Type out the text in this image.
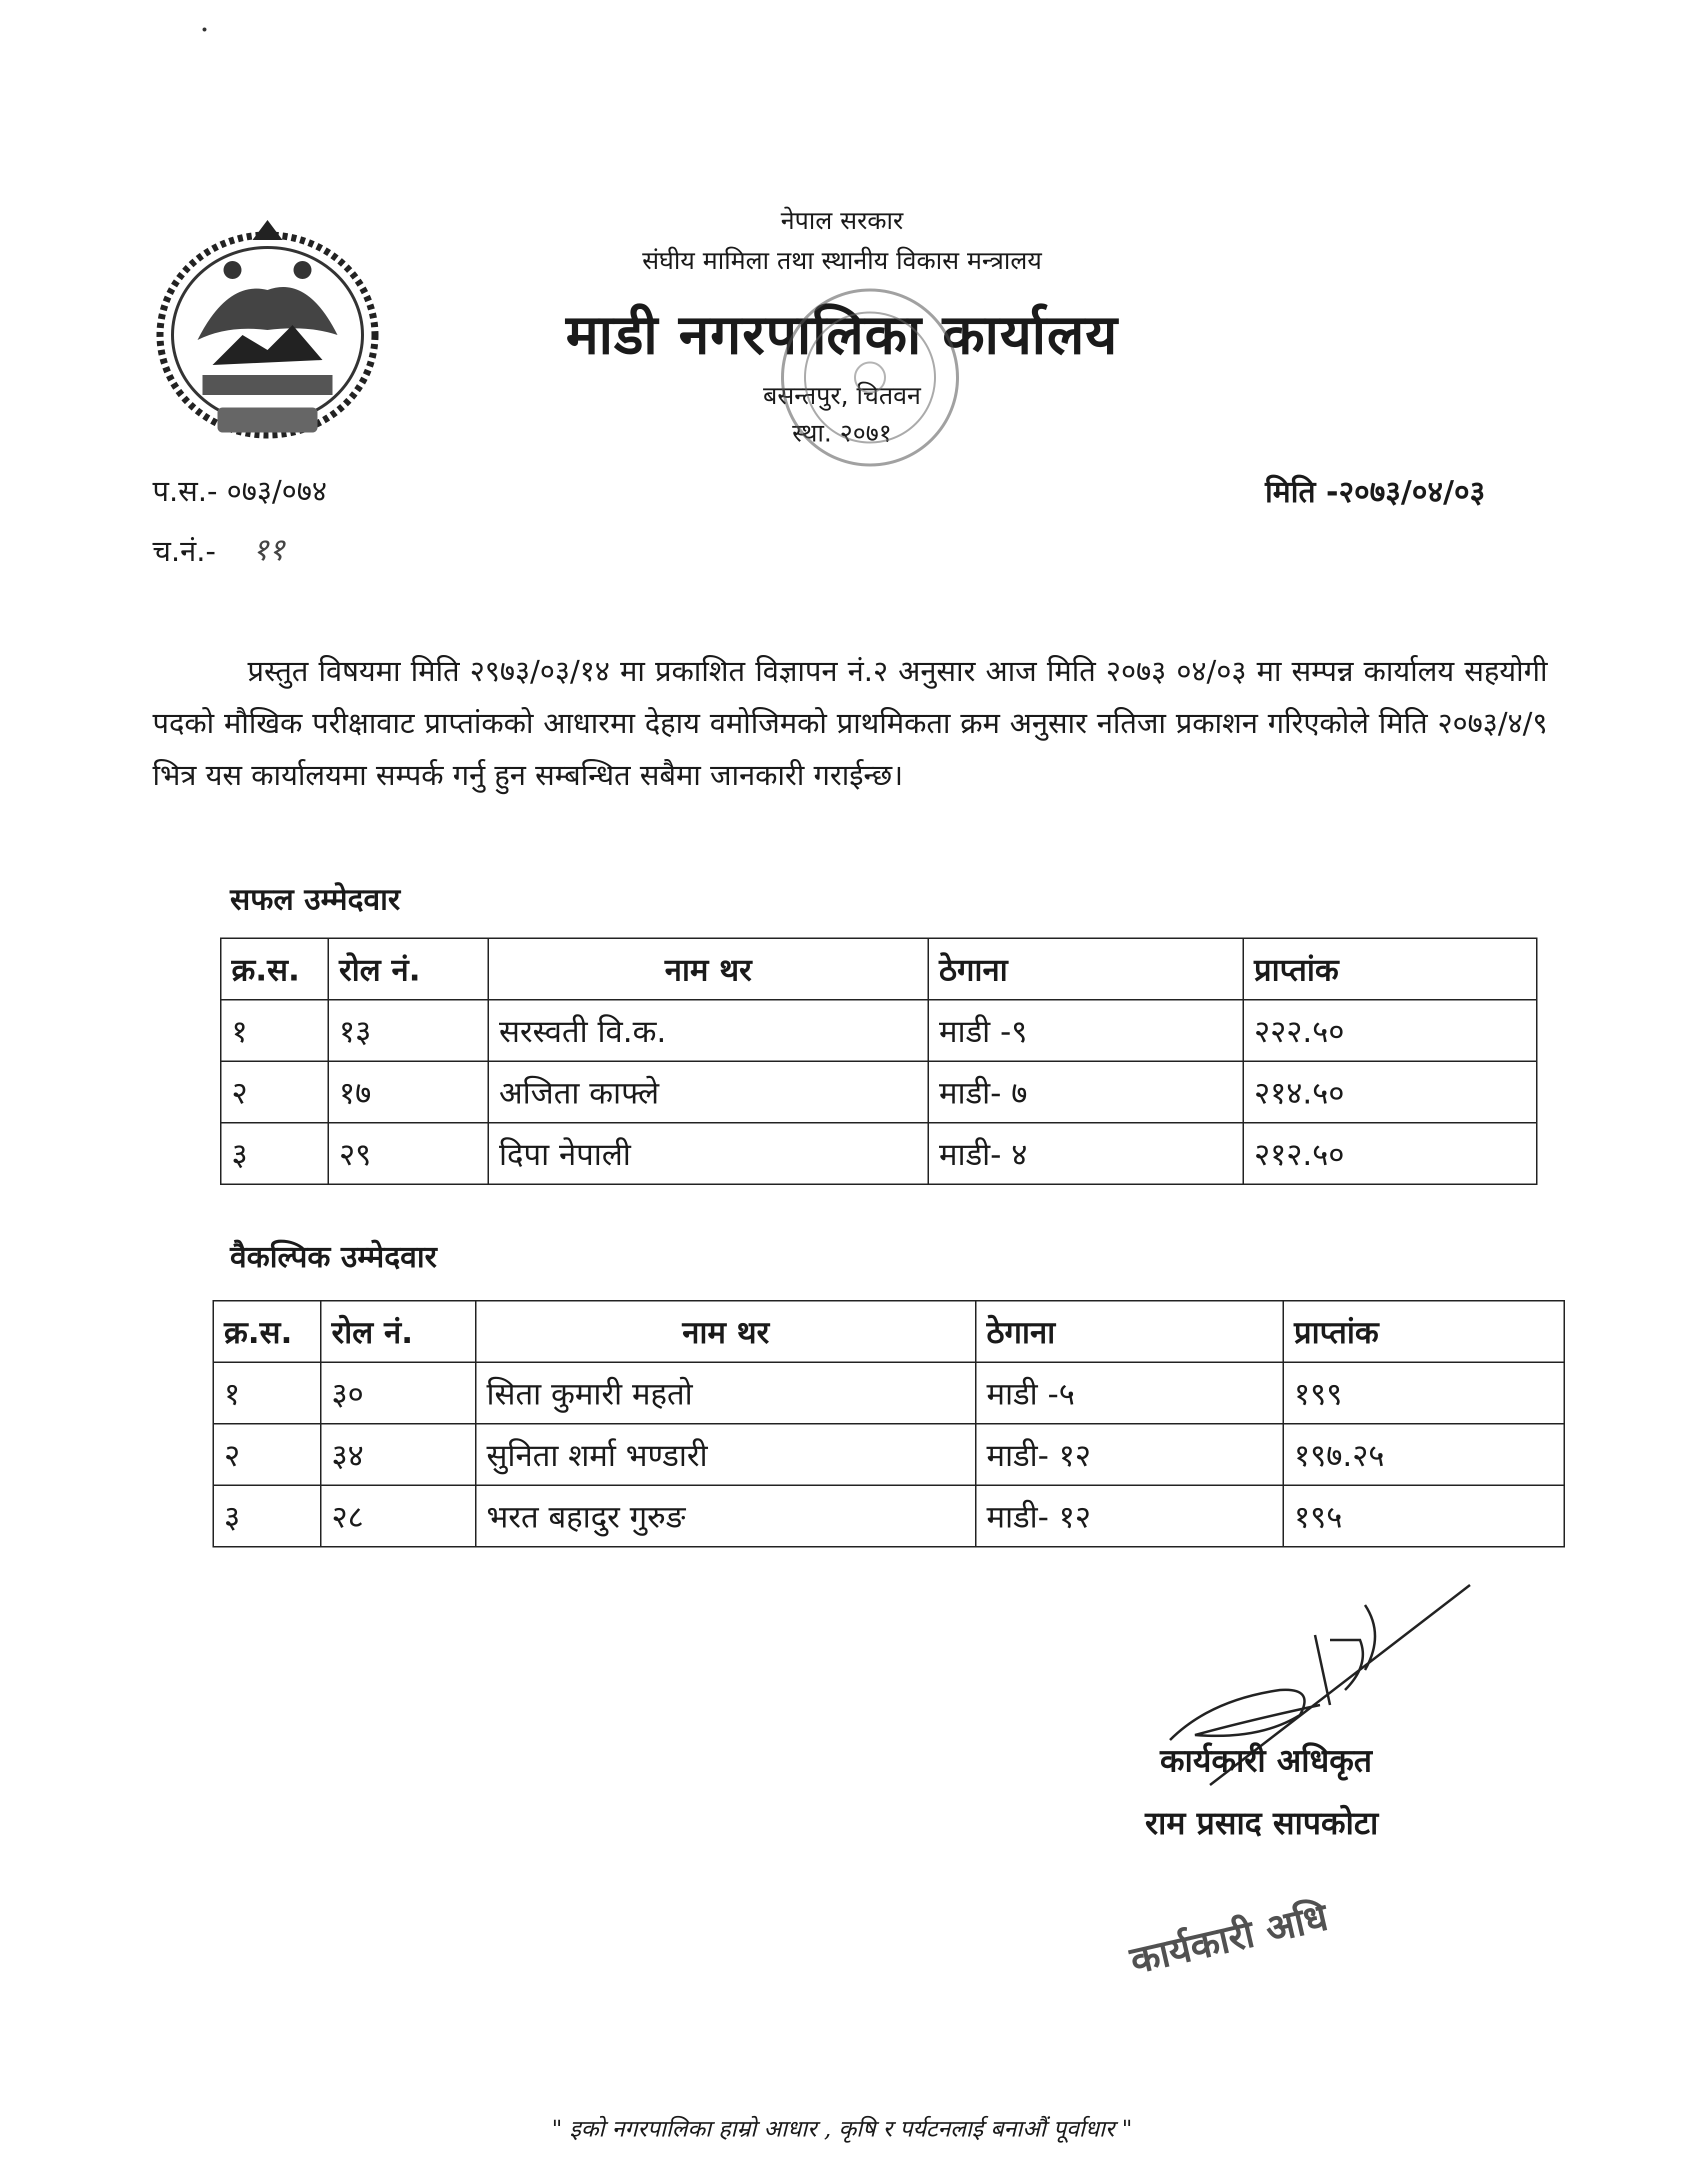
नेपाल सरकार
संघीय मामिला तथा स्थानीय विकास मन्त्रालय
माडी नगरपालिका कार्यालय
बसन्तपुर, चितवन
स्था. २०७१
प.स.- ०७३/०७४
च.नं.- ११
मिति -२०७३/०४/०३
प्रस्तुत विषयमा मिति २९७३/०३/१४ मा प्रकाशित विज्ञापन नं.२ अनुसार आज मिति २०७३ ०४/०३ मा सम्पन्न कार्यालय सहयोगी पदको मौखिक परीक्षावाट प्राप्तांकको आधारमा देहाय वमोजिमको प्राथमिकता क्रम अनुसार नतिजा प्रकाशन गरिएकोले मिति २०७३/४/९ भित्र यस कार्यालयमा सम्पर्क गर्नु हुन सम्बन्धित सबैमा जानकारी गराईन्छ।
सफल उम्मेदवार
क्र.स.	रोल नं.	नाम थर	ठेगाना	प्राप्तांक
१	१३	सरस्वती वि.क.	माडी -९	२२२.५०
२	१७	अजिता काफ्ले	माडी- ७	२१४.५०
३	२९	दिपा नेपाली	माडी- ४	२१२.५०
वैकल्पिक उम्मेदवार
क्र.स.	रोल नं.	नाम थर	ठेगाना	प्राप्तांक
१	३०	सिता कुमारी महतो	माडी -५	१९९
२	३४	सुनिता शर्मा भण्डारी	माडी- १२	१९७.२५
३	२८	भरत बहादुर गुरुङ	माडी- १२	१९५
कार्यकारी अधिकृत
राम प्रसाद सापकोटा
कार्यकारी अधि
" इको नगरपालिका हाम्रो आधार , कृषि र पर्यटनलाई बनाऔं पूर्वाधार "
